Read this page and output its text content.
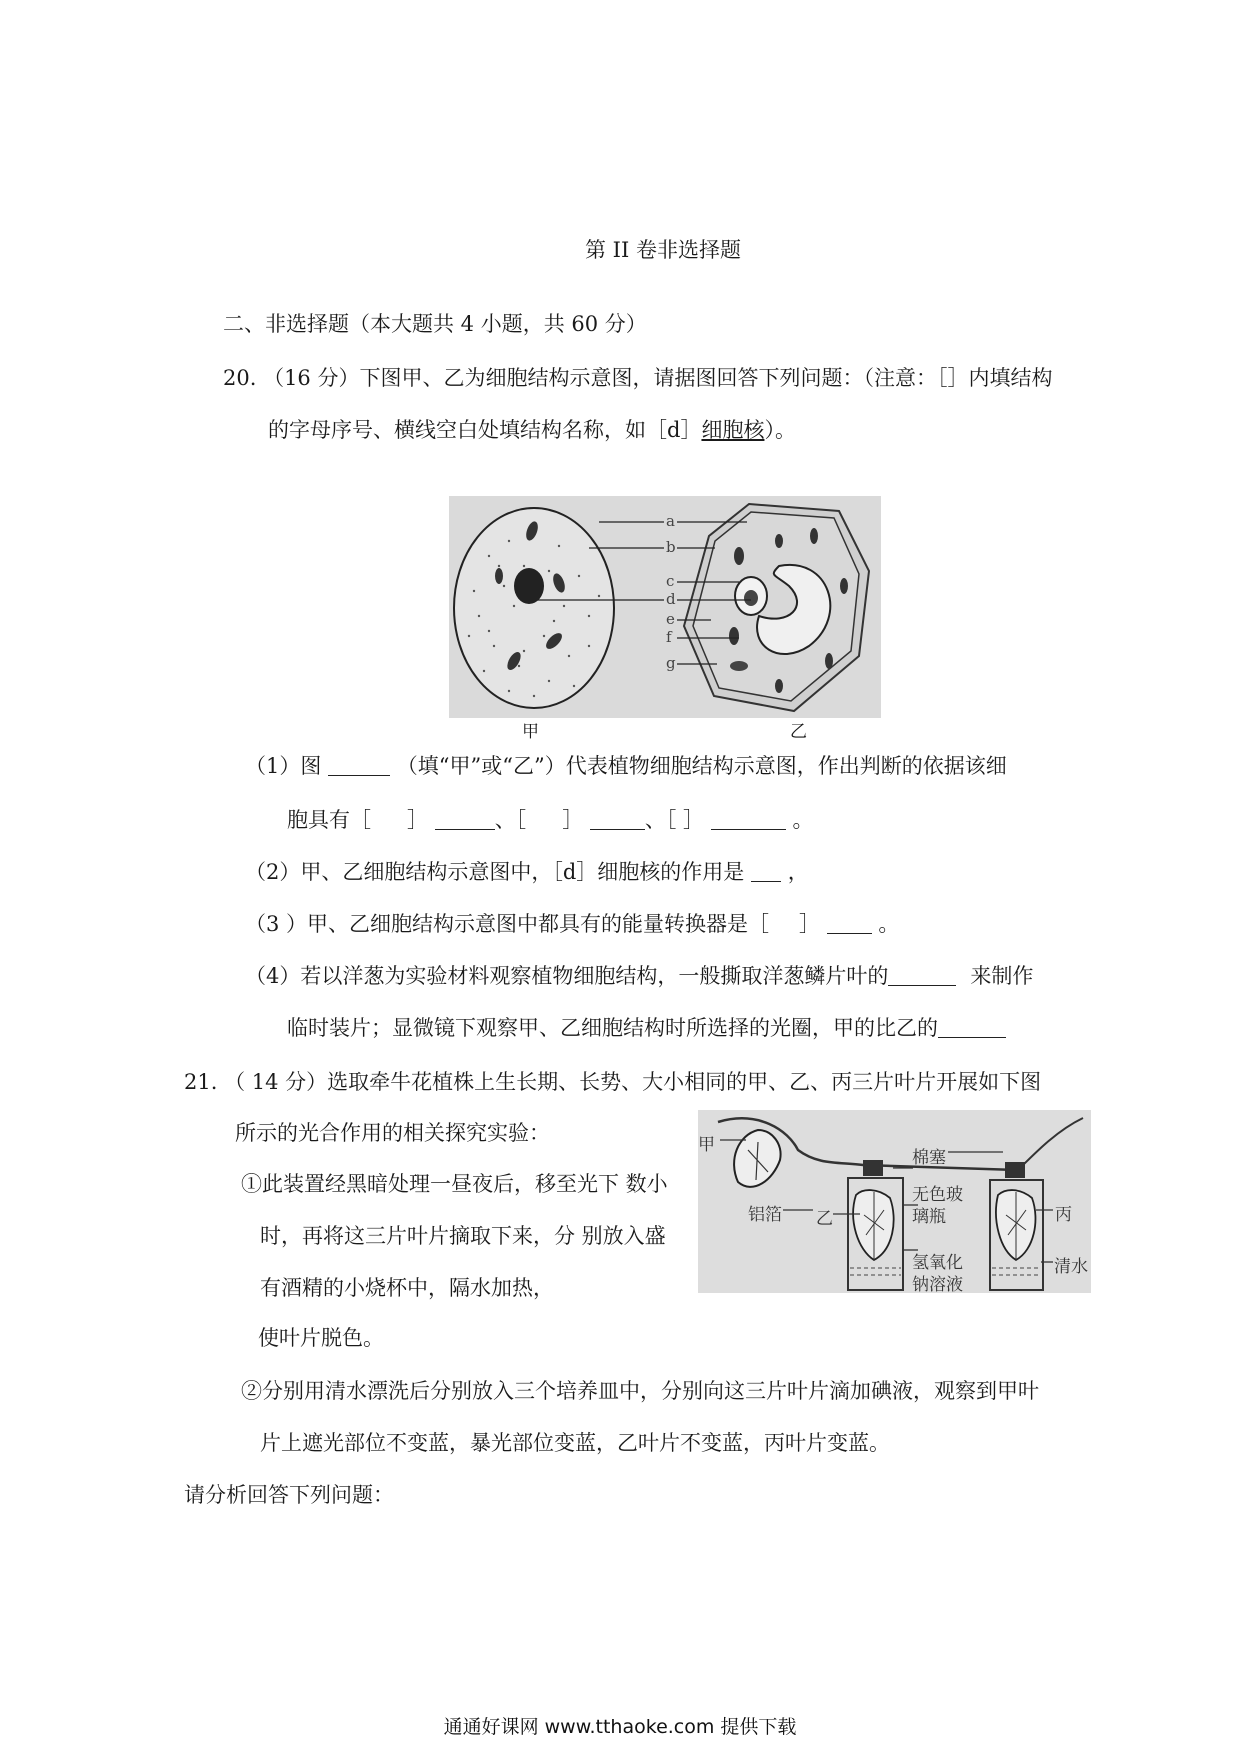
第 II 卷非选择题
二、非选择题（本大题共 4 小题，共 60 分）
20. （16 分）下图甲、乙为细胞结构示意图，请据图回答下列问题：（注意：［］内填结构
的字母序号、横线空白处填结构名称，如［d］细胞核）。
a
b
c
d
e
f
g
甲	乙
（1）图	（填“甲”或“乙”）代表植物细胞结构示意图，作出判断的依据该细
胞具有［ ］	、［ ］	、［ ］	。
（2）甲、乙细胞结构示意图中，［d］细胞核的作用是 ，
（3 ）甲、乙细胞结构示意图中都具有的能量转换器是［ ］	。
（4）若以洋葱为实验材料观察植物细胞结构，一般撕取洋葱鳞片叶的	来制作
临时装片；显微镜下观察甲、乙细胞结构时所选择的光圈，甲的比乙的
21. （ 14 分）选取牵牛花植株上生长期、长势、大小相同的甲、乙、丙三片叶片开展如下图
所示的光合作用的相关探究实验：
①此装置经黑暗处理一昼夜后，移至光下 数小
时，再将这三片叶片摘取下来，分 别放入盛
有酒精的小烧杯中，隔水加热，
使叶片脱色。
甲
棉塞
铝箔 乙
无色玻
璃瓶	丙
氢氧化
钠溶液
清水
②分别用清水漂洗后分别放入三个培养皿中，分别向这三片叶片滴加碘液，观察到甲叶
片上遮光部位不变蓝，暴光部位变蓝，乙叶片不变蓝，丙叶片变蓝。
请分析回答下列问题：
通通好课网 www.tthaoke.com 提供下载
